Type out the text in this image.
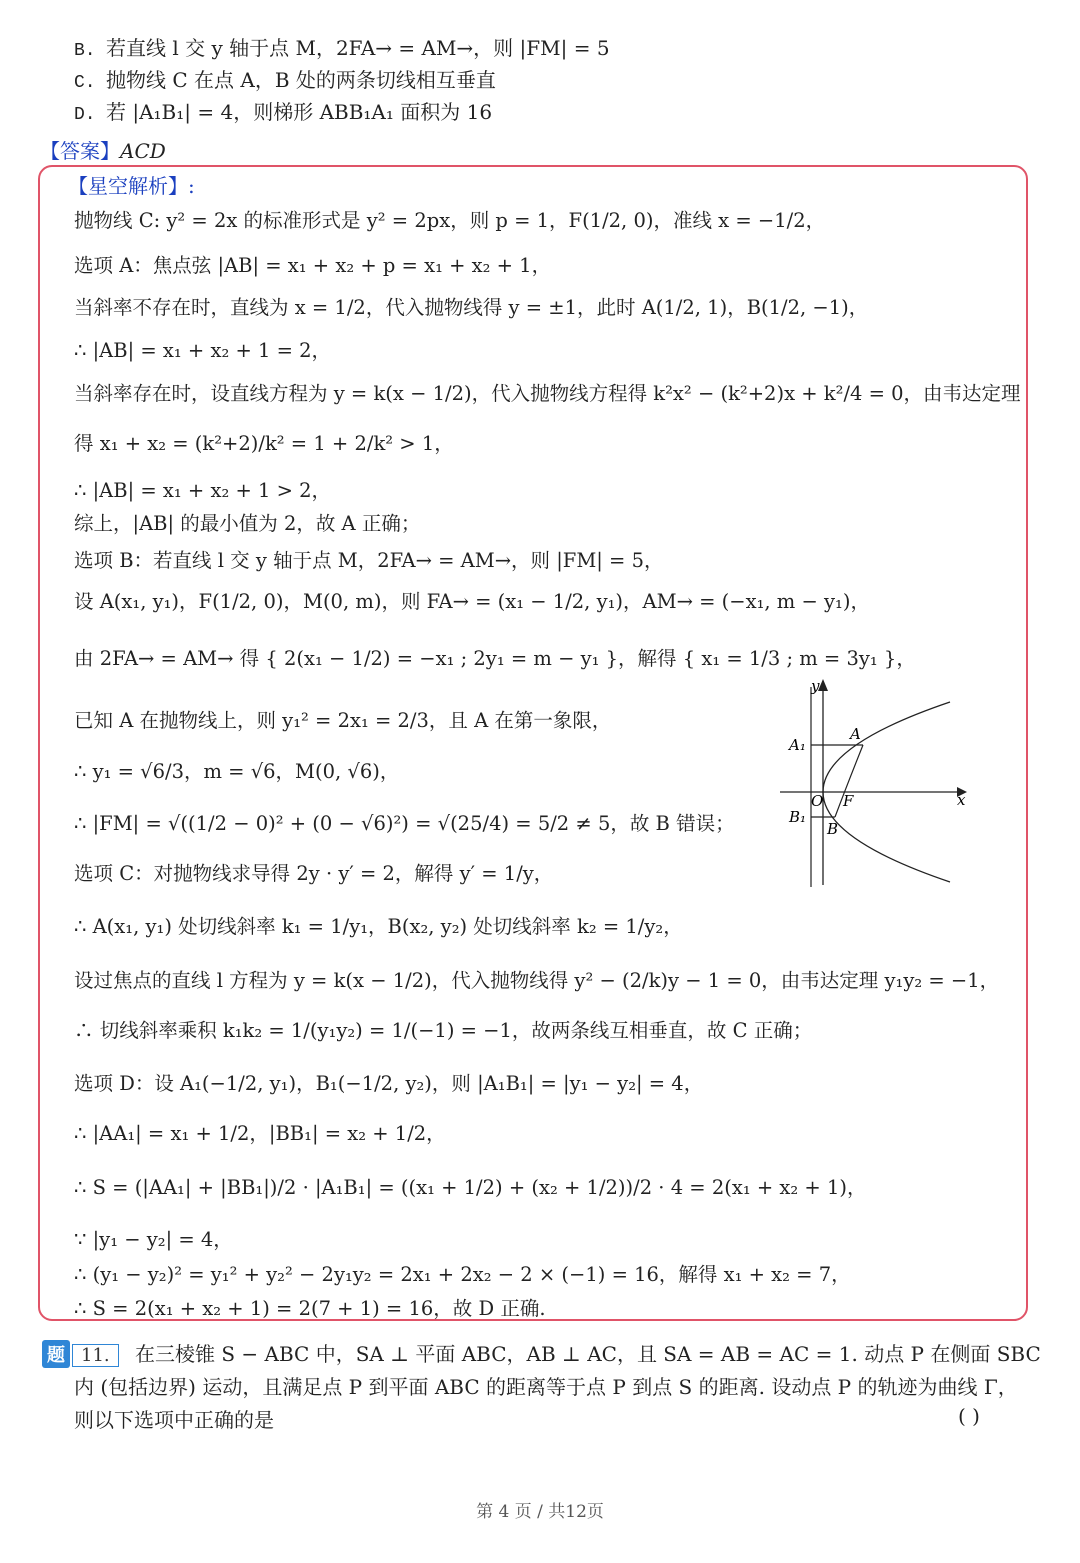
B. 若直线 l 交 y 轴于点 M，2FA→ = AM→，则 |FM| = 5
C. 抛物线 C 在点 A，B 处的两条切线相互垂直
D. 若 |A₁B₁| = 4，则梯形 ABB₁A₁ 面积为 16
【答案】ACD
【星空解析】:
抛物线 C: y² = 2x 的标准形式是 y² = 2px，则 p = 1，F(1/2, 0)，准线 x = −1/2，
选项 A：焦点弦 |AB| = x₁ + x₂ + p = x₁ + x₂ + 1，
当斜率不存在时，直线为 x = 1/2，代入抛物线得 y = ±1，此时 A(1/2, 1)，B(1/2, −1)，
∴ |AB| = x₁ + x₂ + 1 = 2，
当斜率存在时，设直线方程为 y = k(x − 1/2)，代入抛物线方程得 k²x² − (k²+2)x + k²/4 = 0，由韦达定理
得 x₁ + x₂ = (k²+2)/k² = 1 + 2/k² > 1，
∴ |AB| = x₁ + x₂ + 1 > 2，
综上，|AB| 的最小值为 2，故 A 正确；
选项 B：若直线 l 交 y 轴于点 M，2FA→ = AM→，则 |FM| = 5，
设 A(x₁, y₁)，F(1/2, 0)，M(0, m)，则 FA→ = (x₁ − 1/2, y₁)，AM→ = (−x₁, m − y₁)，
由 2FA→ = AM→ 得 { 2(x₁ − 1/2) = −x₁ ; 2y₁ = m − y₁ }，解得 { x₁ = 1/3 ; m = 3y₁ }，
已知 A 在抛物线上，则 y₁² = 2x₁ = 2/3，且 A 在第一象限，
∴ y₁ = √6/3，m = √6，M(0, √6)，
∴ |FM| = √((1/2 − 0)² + (0 − √6)²) = √(25/4) = 5/2 ≠ 5，故 B 错误；
选项 C：对抛物线求导得 2y · y′ = 2，解得 y′ = 1/y，
∴ A(x₁, y₁) 处切线斜率 k₁ = 1/y₁，B(x₂, y₂) 处切线斜率 k₂ = 1/y₂，
设过焦点的直线 l 方程为 y = k(x − 1/2)，代入抛物线得 y² − (2/k)y − 1 = 0，由韦达定理 y₁y₂ = −1，
∴ 切线斜率乘积 k₁k₂ = 1/(y₁y₂) = 1/(−1) = −1，故两条线互相垂直，故 C 正确；
选项 D：设 A₁(−1/2, y₁)，B₁(−1/2, y₂)，则 |A₁B₁| = |y₁ − y₂| = 4，
∴ |AA₁| = x₁ + 1/2，|BB₁| = x₂ + 1/2，
∴ S = (|AA₁| + |BB₁|)/2 · |A₁B₁| = ((x₁ + 1/2) + (x₂ + 1/2))/2 · 4 = 2(x₁ + x₂ + 1)，
∵ |y₁ − y₂| = 4，
∴ (y₁ − y₂)² = y₁² + y₂² − 2y₁y₂ = 2x₁ + 2x₂ − 2 × (−1) = 16，解得 x₁ + x₂ = 7，
∴ S = 2(x₁ + x₂ + 1) = 2(7 + 1) = 16，故 D 正确.
y
x
O F
A
B
A₁
B₁
题 11. 在三棱锥 S − ABC 中，SA ⊥ 平面 ABC，AB ⊥ AC，且 SA = AB = AC = 1. 动点 P 在侧面 SBC
内 (包括边界) 运动，且满足点 P 到平面 ABC 的距离等于点 P 到点 S 的距离. 设动点 P 的轨迹为曲线 Γ，
则以下选项中正确的是	( )
第 4 页 / 共12页
